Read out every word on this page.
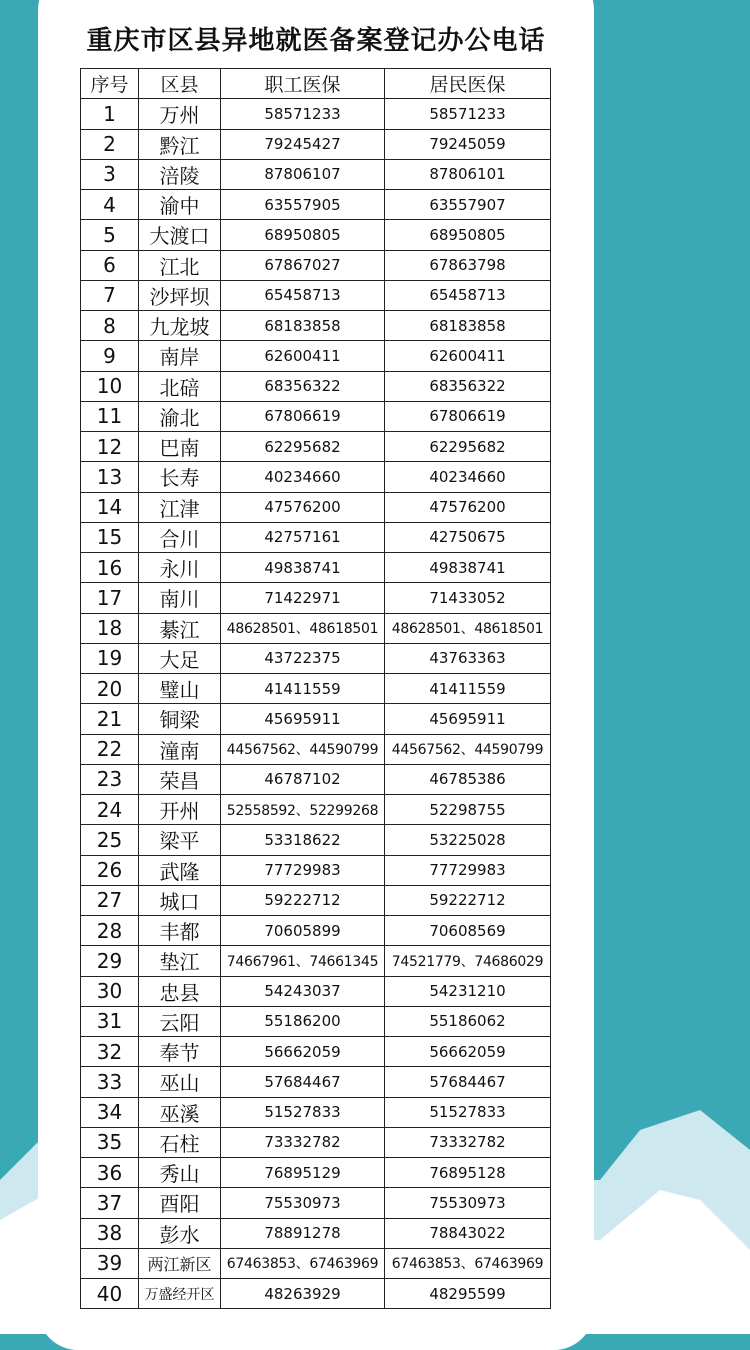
重庆市区县异地就医备案登记办公电话
序号	区县	职工医保	居民医保
1	万州	58571233	58571233
2	黔江	79245427	79245059
3	涪陵	87806107	87806101
4	渝中	63557905	63557907
5	大渡口	68950805	68950805
6	江北	67867027	67863798
7	沙坪坝	65458713	65458713
8	九龙坡	68183858	68183858
9	南岸	62600411	62600411
10	北碚	68356322	68356322
11	渝北	67806619	67806619
12	巴南	62295682	62295682
13	长寿	40234660	40234660
14	江津	47576200	47576200
15	合川	42757161	42750675
16	永川	49838741	49838741
17	南川	71422971	71433052
18	綦江	48628501、48618501	48628501、48618501
19	大足	43722375	43763363
20	璧山	41411559	41411559
21	铜梁	45695911	45695911
22	潼南	44567562、44590799	44567562、44590799
23	荣昌	46787102	46785386
24	开州	52558592、52299268	52298755
25	梁平	53318622	53225028
26	武隆	77729983	77729983
27	城口	59222712	59222712
28	丰都	70605899	70608569
29	垫江	74667961、74661345	74521779、74686029
30	忠县	54243037	54231210
31	云阳	55186200	55186062
32	奉节	56662059	56662059
33	巫山	57684467	57684467
34	巫溪	51527833	51527833
35	石柱	73332782	73332782
36	秀山	76895129	76895128
37	酉阳	75530973	75530973
38	彭水	78891278	78843022
39	两江新区	67463853、67463969	67463853、67463969
40	万盛经开区	48263929	48295599
